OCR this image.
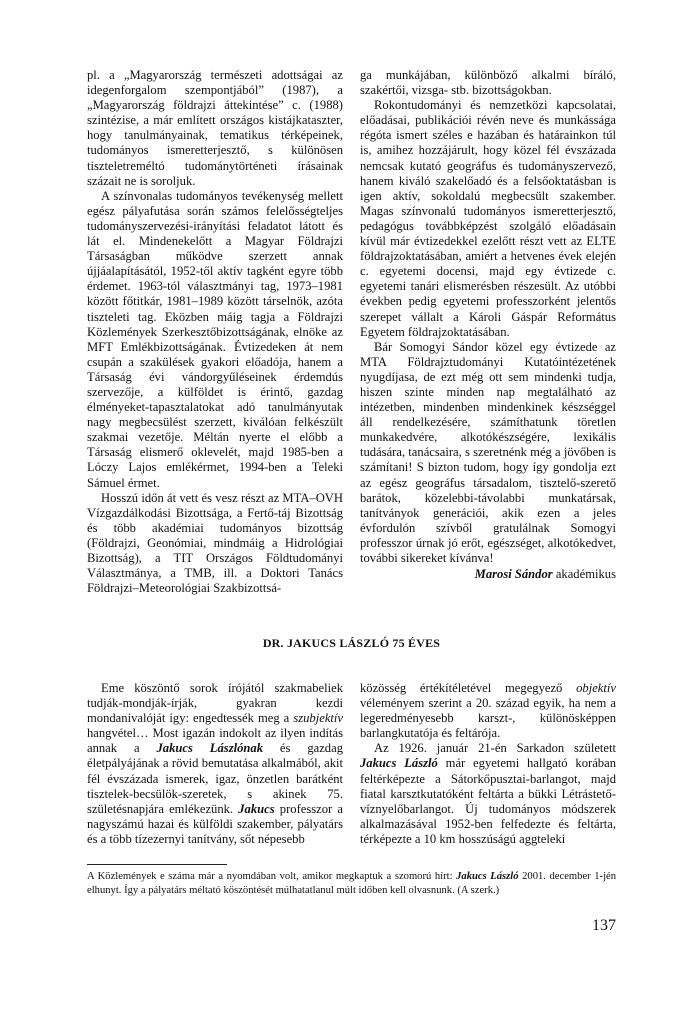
pl. a „Magyarország természeti adottságai az idegenforgalom szempontjából” (1987), a „Magyarország földrajzi áttekintése” c. (1988) szintézise, a már említett országos kistájkataszter, hogy tanulmányainak, tematikus térképeinek, tudományos ismeretterjesztő, s különösen tiszteletreméltó tudománytörténeti írásainak százait ne is soroljuk.

A színvonalas tudományos tevékenység mellett egész pályafutása során számos felelősségteljes tudományszervezési-irányítási feladatot látott és lát el. Mindenekelőtt a Magyar Földrajzi Társaságban működve szerzett annak újjáalapításától, 1952-től aktív tagként egyre több érdemet. 1963-tól választmányi tag, 1973–1981 között főtitkár, 1981–1989 között társelnök, azóta tiszteleti tag. Eközben máig tagja a Földrajzi Közlemények Szerkesztőbizottságának, elnöke az MFT Emlékbizottságának. Évtizedeken át nem csupán a szakülések gyakori előadója, hanem a Társaság évi vándorgyűléseinek érdemdús szervezője, a külföldet is érintő, gazdag élményeket-tapasztalatokat adó tanulmányutak nagy megbecsülést szerzett, kiválóan felkészült szakmai vezetője. Méltán nyerte el előbb a Társaság elismerő oklevelét, majd 1985-ben a Lóczy Lajos emlékérmet, 1994-ben a Teleki Sámuel érmet.

Hosszú időn át vett és vesz részt az MTA–OVH Vízgazdálkodási Bizottsága, a Fertő-táj Bizottság és több akadémiai tudományos bizottság (Földrajzi, Geonómiai, mindmáig a Hidrológiai Bizottság), a TIT Országos Földtudományi Választmánya, a TMB, ill. a Doktori Tanács Földrajzi–Meteorológiai Szakbizottsá-

ga munkájában, különböző alkalmi bíráló, szakértői, vizsga- stb. bizottságokban.

Rokontudományi és nemzetközi kapcsolatai, előadásai, publikációi révén neve és munkássága régóta ismert széles e hazában és határainkon túl is, amihez hozzájárult, hogy közel fél évszázada nemcsak kutató geográfus és tudományszervező, hanem kiváló szakelőadó és a felsőoktatásban is igen aktív, sokoldalú megbecsült szakember. Magas színvonalú tudományos ismeretterjesztő, pedagógus továbbképzést szolgáló előadásain kívül már évtizedekkel ezelőtt részt vett az ELTE földrajzoktatásában, amiért a hetvenes évek elején c. egyetemi docensi, majd egy évtizede c. egyetemi tanári elismerésben részesült. Az utóbbi években pedig egyetemi professzorként jelentős szerepet vállalt a Károli Gáspár Református Egyetem földrajzoktatásában.

Bár Somogyi Sándor közel egy évtizede az MTA Földrajztudományi Kutatóintézetének nyugdíjasa, de ezt még ott sem mindenki tudja, hiszen szinte minden nap megtalálható az intézetben, mindenben mindenkinek készséggel áll rendelkezésére, számíthatunk töretlen munkakedvére, alkotókészségére, lexikális tudására, tanácsaira, s szeretnénk még a jövőben is számítani! S bizton tudom, hogy így gondolja ezt az egész geográfus társadalom, tisztelő-szerető barátok, közelebbi-távolabbi munkatársak, tanítványok generációi, akik ezen a jeles évfordulón szívből gratulálnak Somogyi professzor úrnak jó erőt, egészséget, alkotókedvet, további sikereket kívánva!

Marosi Sándor akadémikus
DR. JAKUCS LÁSZLÓ 75 ÉVES

Eme köszöntő sorok írójától szakmabeliek tudják-mondják-írják, gyakran kezdi mondanivalóját így: engedtessék meg a szubjektív hangvétel… Most igazán indokolt az ilyen indítás annak a Jakucs Lászlónak és gazdag életpályájának a rövid bemutatása alkalmából, akit fél évszázada ismerek, igaz, önzetlen barátként tisztelek-becsülök-szeretek, s akinek 75. születésnapjára emlékezünk. Jakucs professzor a nagyszámú hazai és külföldi szakember, pályatárs és a több tízezernyi tanítvány, sőt népesebb

közösség értékítéletével megegyező objektív véleményem szerint a 20. század egyik, ha nem a legeredményesebb karszt-, különösképpen barlangkutatója és feltárója.

Az 1926. január 21-én Sarkadon született Jakucs László már egyetemi hallgató korában feltérképezte a Sátorkőpusztai-barlangot, majd fiatal karsztkutatóként feltárta a bükki Létrástető-víznyelőbarlangot. Új tudományos módszerek alkalmazásával 1952-ben felfedezte és feltárta, térképezte a 10 km hosszúságú aggteleki

A Közlemények e száma már a nyomdában volt, amikor megkaptuk a szomorú hírt: Jakucs László 2001. december 1-jén elhunyt. Így a pályatárs méltató köszöntését múlhatatlanul múlt időben kell olvasnunk. (A szerk.)
137
